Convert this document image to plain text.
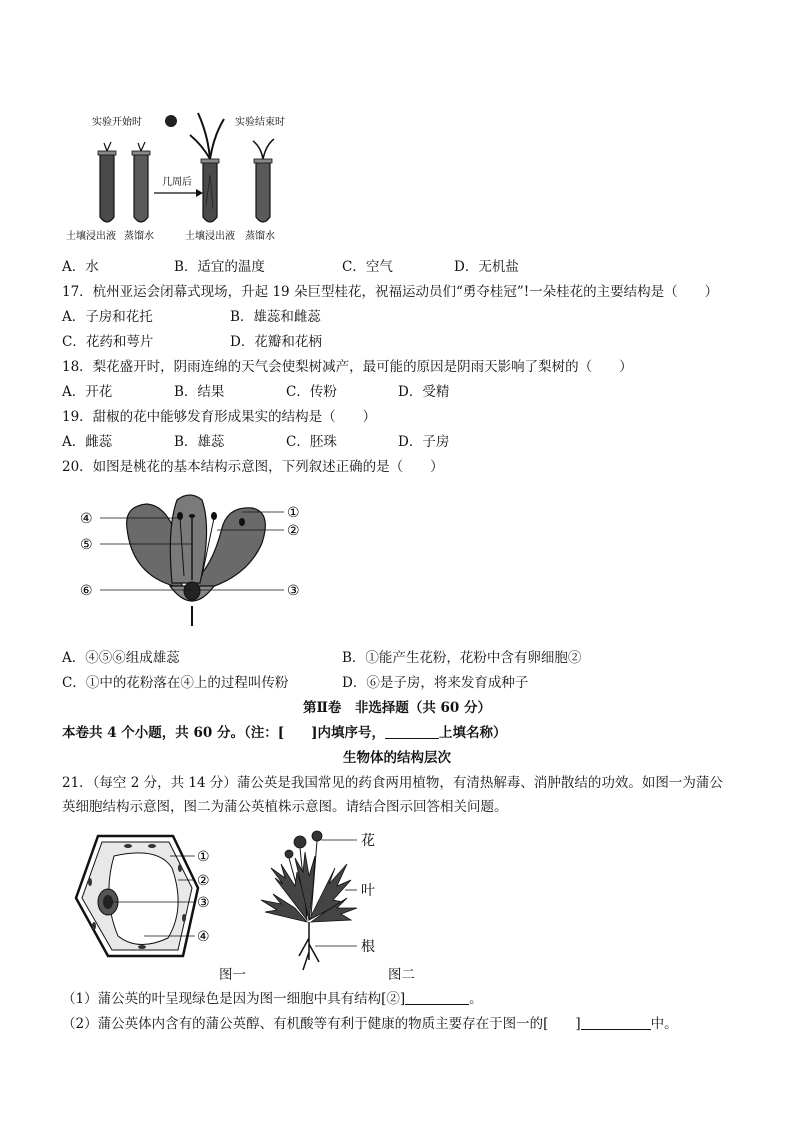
实验开始时	实验结束时
几周后
土壤浸出液 蒸馏水	土壤浸出液 蒸馏水
A．水	B．适宜的温度	C．空气	D．无机盐
17．杭州亚运会闭幕式现场，升起 19 朵巨型桂花，祝福运动员们“勇夺桂冠”!一朵桂花的主要结构是（　　）
A．子房和花托	B．雄蕊和雌蕊
C．花药和萼片	D．花瓣和花柄
18．梨花盛开时，阴雨连绵的天气会使梨树减产，最可能的原因是阴雨天影响了梨树的（　　）
A．开花	B．结果	C．传粉	D．受精
19．甜椒的花中能够发育形成果实的结构是（　　）
A．雌蕊	B．雄蕊	C．胚珠	D．子房
20．如图是桃花的基本结构示意图，下列叙述正确的是（　　）
④
⑤
⑥
①
②
③
A．④⑤⑥组成雄蕊	B．①能产生花粉，花粉中含有卵细胞②
C．①中的花粉落在④上的过程叫传粉	D．⑥是子房，将来发育成种子
第Ⅱ卷　非选择题（共 60 分）
本卷共 4 个小题，共 60 分。（注：[　　]内填序号，	上填名称）
生物体的结构层次
21．（每空 2 分，共 14 分）蒲公英是我国常见的药食两用植物，有清热解毒、消肿散结的功效。如图一为蒲公
英细胞结构示意图，图二为蒲公英植株示意图。请结合图示回答相关问题。
①
②
③
④
花
叶
根
图一	图二
（1）蒲公英的叶呈现绿色是因为图一细胞中具有结构[②]	。
（2）蒲公英体内含有的蒲公英醇、有机酸等有利于健康的物质主要存在于图一的[　　]	中。
